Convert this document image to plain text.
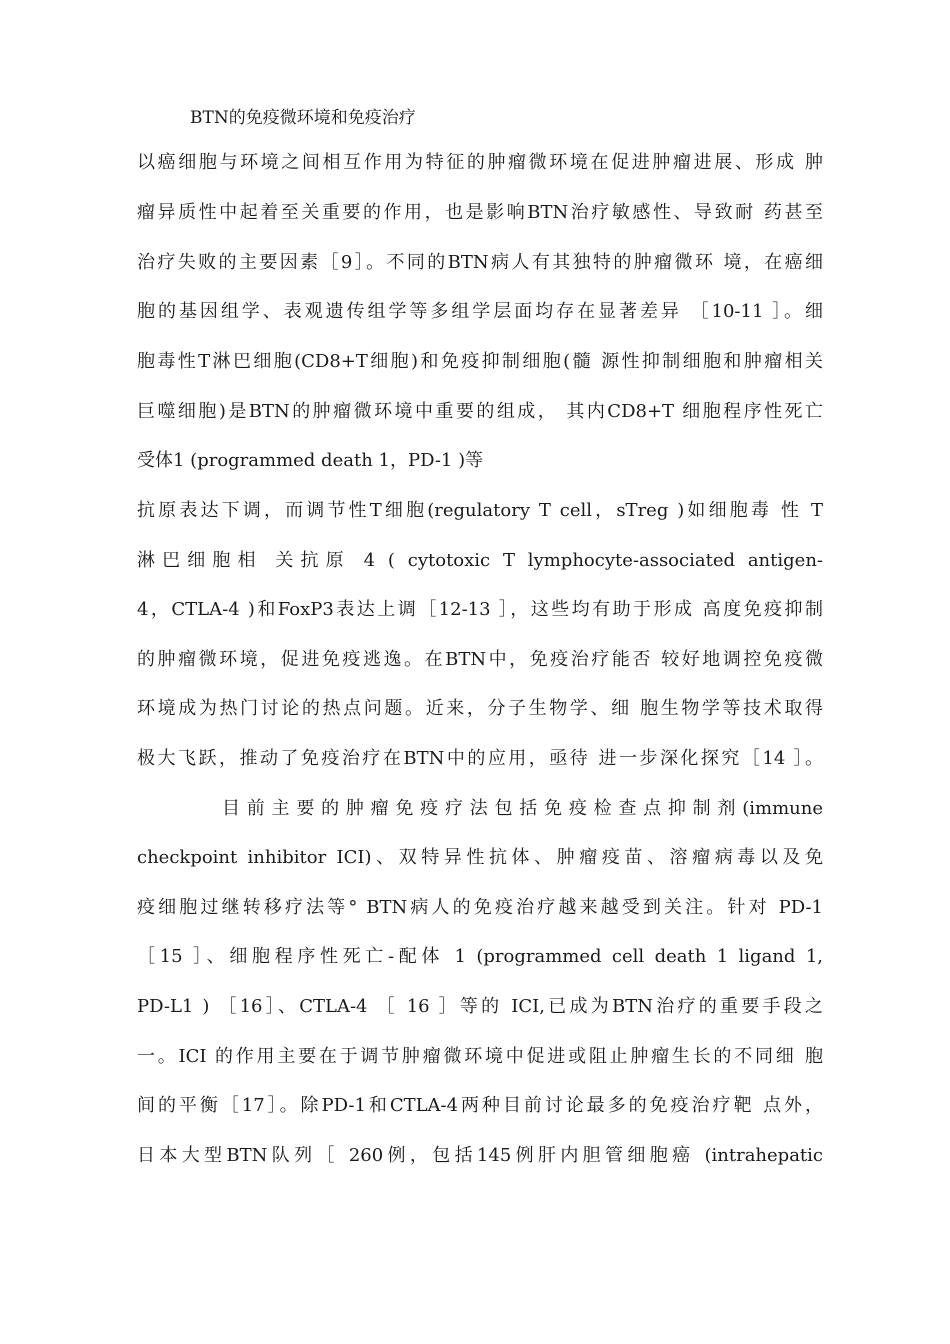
BTN的免疫微环境和免疫治疗
以癌细胞与环境之间相互作用为特征的肿瘤微环境在促进肿瘤进展、形成 肿
瘤异质性中起着至关重要的作用，也是影响BTN治疗敏感性、导致耐 药甚至
治疗失败的主要因素［9］。不同的BTN病人有其独特的肿瘤微环 境，在癌细
胞的基因组学、表观遗传组学等多组学层面均存在显著差异 ［10-11 ］。细
胞毒性T淋巴细胞(CD8+T细胞)和免疫抑制细胞(髓 源性抑制细胞和肿瘤相关
巨噬细胞)是BTN的肿瘤微环境中重要的组成， 其内CD8+T 细胞程序性死亡
受体1 (programmed death 1，PD-1 )等
抗原表达下调，而调节性T细胞(regulatory T cell，sTreg )如细胞毒 性 T
淋巴细胞相 关抗原 4 ( cytotoxic T lymphocyte-associated antigen-
4，CTLA-4 )和FoxP3表达上调［12-13 ］，这些均有助于形成 高度免疫抑制
的肿瘤微环境，促进免疫逃逸。在BTN中，免疫治疗能否 较好地调控免疫微
环境成为热门讨论的热点问题。近来，分子生物学、细 胞生物学等技术取得
极大飞跃，推动了免疫治疗在BTN中的应用，亟待 进一步深化探究［14 ］。
目前主要的肿瘤免疫疗法包括免疫检查点抑制剂(immune
checkpoint inhibitor ICI)、双特异性抗体、肿瘤疫苗、溶瘤病毒以及免
疫细胞过继转移疗法等° BTN病人的免疫治疗越来越受到关注。针对 PD-1
［15 ］、细胞程序性死亡-配体 1 (programmed cell death 1 ligand 1,
PD-L1 ) ［16］、CTLA-4 ［ 16 ］等的 ICI,已成为BTN治疗的重要手段之
一。ICI 的作用主要在于调节肿瘤微环境中促进或阻止肿瘤生长的不同细 胞
间的平衡［17］。除PD-1和CTLA-4两种目前讨论最多的免疫治疗靶 点外，
日本大型BTN队列［ 260例，包括145例肝内胆管细胞癌 (intrahepatic
